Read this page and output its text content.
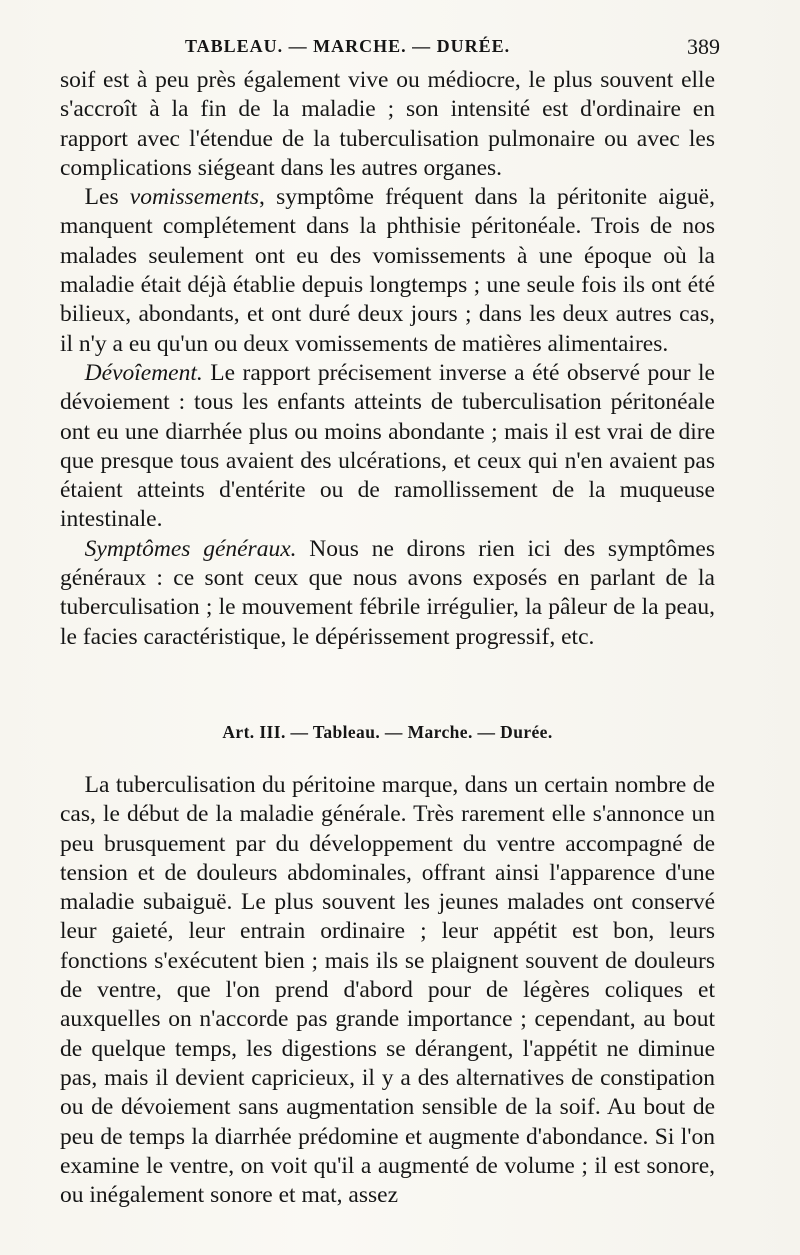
TABLEAU. — MARCHE. — DURÉE.	389

soif est à peu près également vive ou médiocre, le plus souvent elle s'accroît à la fin de la maladie ; son intensité est d'ordinaire en rapport avec l'étendue de la tuberculisation pulmonaire ou avec les complications siégeant dans les autres organes.

Les vomissements, symptôme fréquent dans la péritonite aiguë, manquent complétement dans la phthisie péritonéale. Trois de nos malades seulement ont eu des vomissements à une époque où la maladie était déjà établie depuis longtemps ; une seule fois ils ont été bilieux, abondants, et ont duré deux jours ; dans les deux autres cas, il n'y a eu qu'un ou deux vomissements de matières alimentaires.

Dévoîement. Le rapport précisement inverse a été observé pour le dévoiement : tous les enfants atteints de tuberculisation péritonéale ont eu une diarrhée plus ou moins abondante ; mais il est vrai de dire que presque tous avaient des ulcérations, et ceux qui n'en avaient pas étaient atteints d'entérite ou de ramollissement de la muqueuse intestinale.

Symptômes généraux. Nous ne dirons rien ici des symptômes généraux : ce sont ceux que nous avons exposés en parlant de la tuberculisation ; le mouvement fébrile irrégulier, la pâleur de la peau, le facies caractéristique, le dépérissement progressif, etc.

Art. III. — Tableau. — Marche. — Durée.

La tuberculisation du péritoine marque, dans un certain nombre de cas, le début de la maladie générale. Très rarement elle s'annonce un peu brusquement par du développement du ventre accompagné de tension et de douleurs abdominales, offrant ainsi l'apparence d'une maladie subaiguë. Le plus souvent les jeunes malades ont conservé leur gaieté, leur entrain ordinaire ; leur appétit est bon, leurs fonctions s'exécutent bien ; mais ils se plaignent souvent de douleurs de ventre, que l'on prend d'abord pour de légères coliques et auxquelles on n'accorde pas grande importance ; cependant, au bout de quelque temps, les digestions se dérangent, l'appétit ne diminue pas, mais il devient capricieux, il y a des alternatives de constipation ou de dévoiement sans augmentation sensible de la soif. Au bout de peu de temps la diarrhée prédomine et augmente d'abondance. Si l'on examine le ventre, on voit qu'il a augmenté de volume ; il est sonore, ou inégalement sonore et mat, assez
